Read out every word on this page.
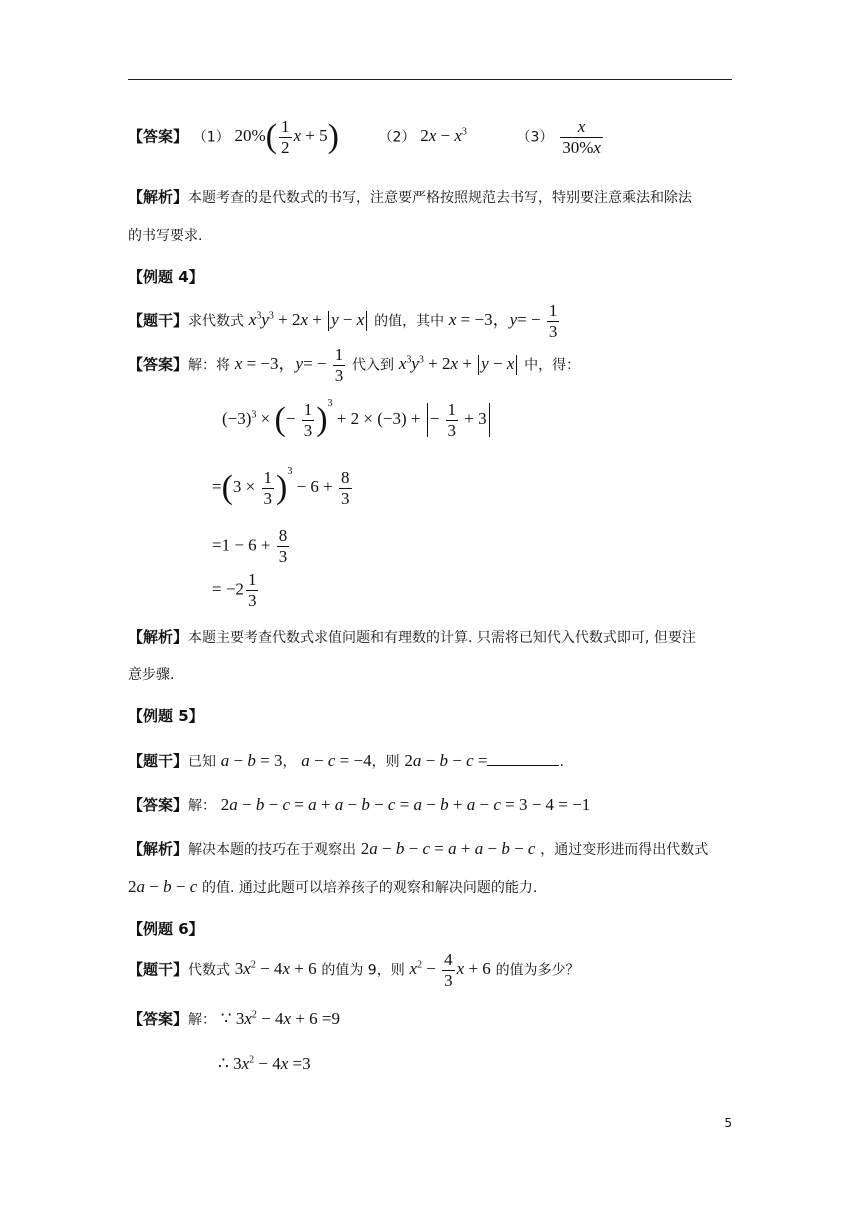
【答案】 （1） $20\%( \frac{1}{2}$ x + 5)	（2） $2x - x^3$	$(3) \frac{x}{30\%x}$
【解析】本题考查的是代数式的书写，注意要严格按照规范去书写，特别要注意乘法和除法
的书写要求.
【例题 4】
【题干】求代数式 $x^3y^3 + 2x + y - x$ 的值，其中 x = −3，$y= - \frac{1}{3}$
【答案】解：将 x = −3，$y= - \frac{1}{3}$ 代入到 $x^3y^3 + 2x + y - x$ 中，得：
$(-3)^3$ × (− $\frac{1}{3} )^3 + 2 \times (-3)$ + − $\frac{1}{3} + 3$
$=(3 \times \frac{1}{3} )^3 - 6 + \frac{8}{3}$
$=1 - 6 + \frac{8}{3}$
= $-2 \frac{1}{3}$
【解析】本题主要考查代数式求值问题和有理数的计算. 只需将已知代入代数式即可, 但要注
意步骤.
【例题 5】
【题干】已知 a − b = 3， a − c = −4，则 2a − b − c =	.
【答案】解： 2a − b − c = a + a − b − c = a − b + a − c = 3 − 4 = −1
【解析】解决本题的技巧在于观察出 2a − b − c = a + a − b − c ，通过变形进而得出代数式
2a − b − c 的值. 通过此题可以培养孩子的观察和解决问题的能力.
【例题 6】
【题干】代数式 $3x^2 - 4x + 6$ 的值为 9，则 $x^2 - \frac{4}{3}$ x + 6 的值为多少？
【答案】解： ∵ $3x^2 - 4x + 6 =9$
∴ $3x^2 - 4x =3$
5
